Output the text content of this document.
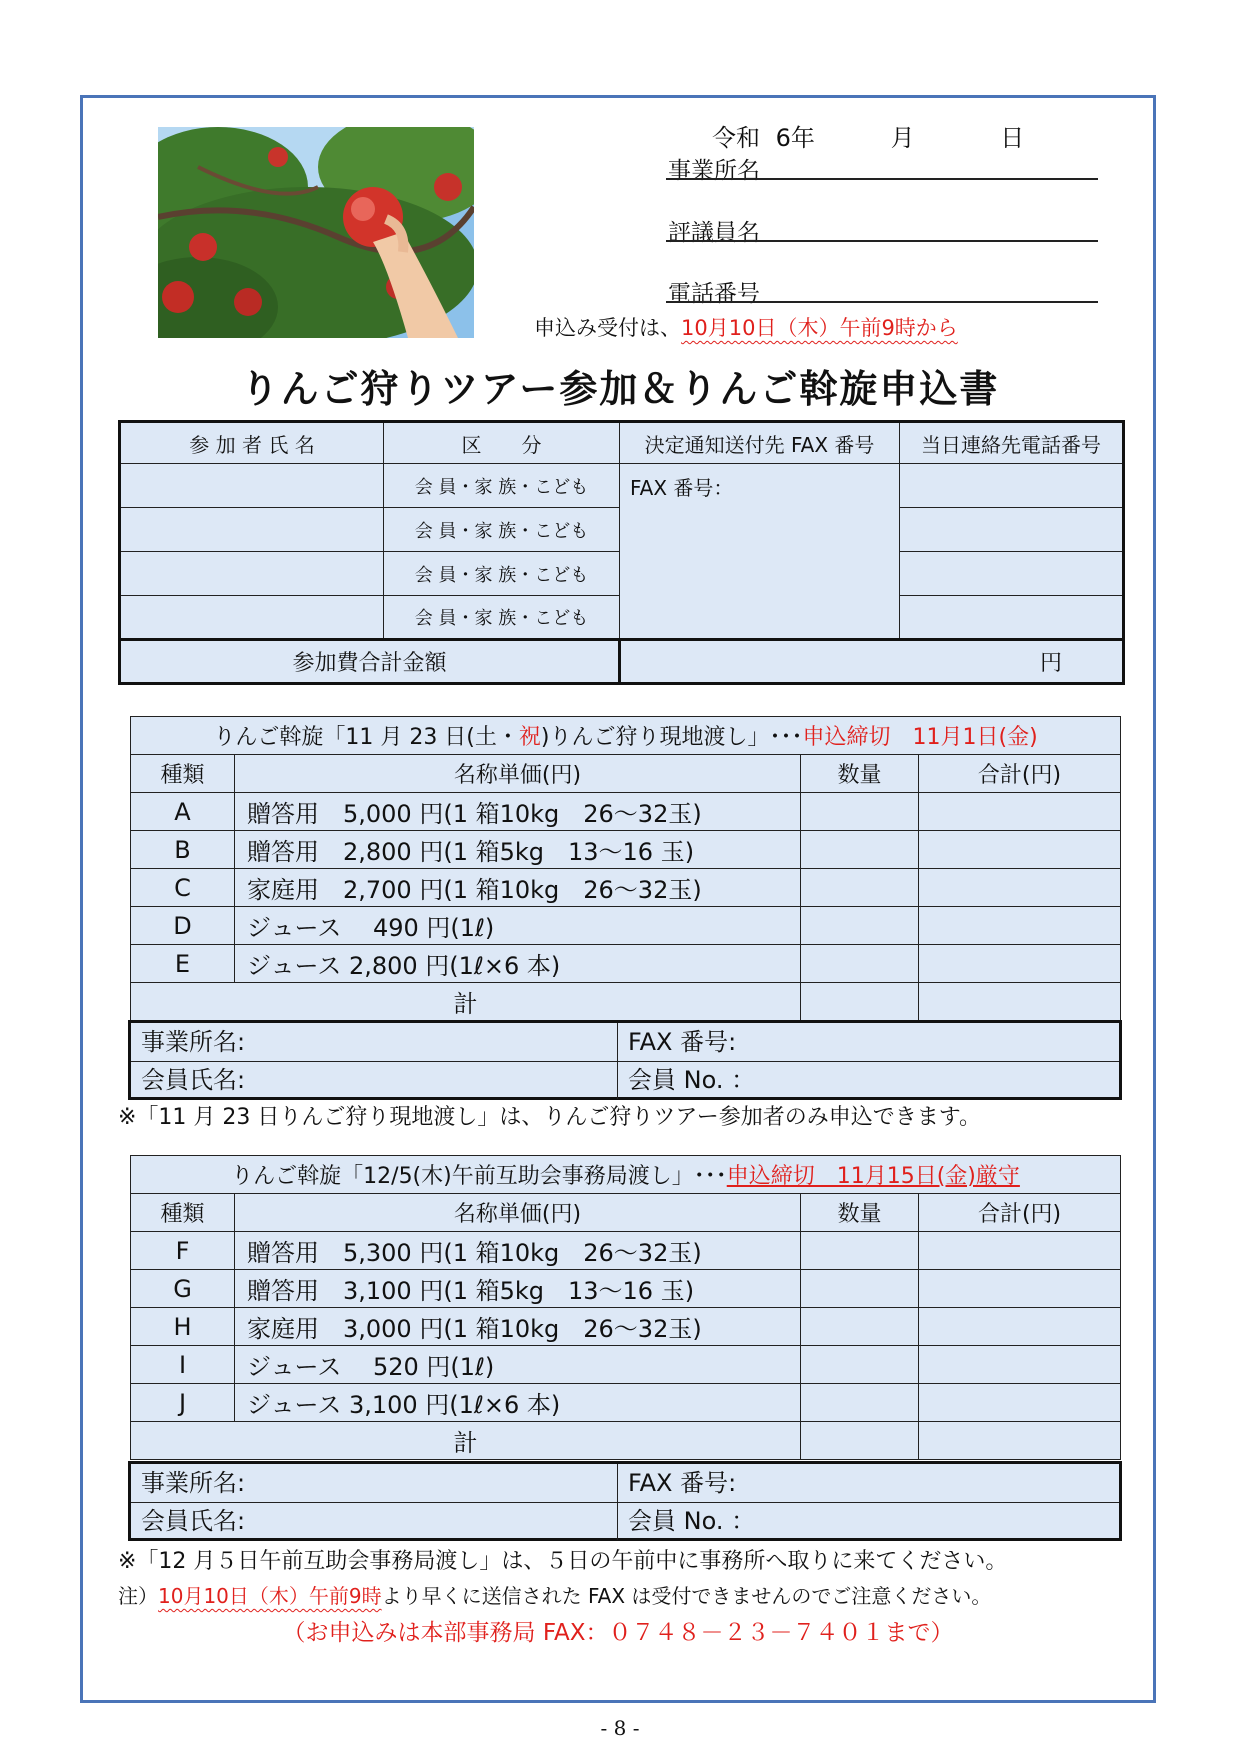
令和 6年	月	日
事業所名
評議員名
電話番号
申込み受付は、10月10日（木）午前9時から
りんご狩りツアー参加＆りんご斡旋申込書
参 加 者 氏 名	区　　分	決定通知送付先 FAX 番号	当日連絡先電話番号
	会 員・家 族・こども	FAX 番号：	
	会 員・家 族・こども		
	会 員・家 族・こども		
	会 員・家 族・こども		
参加費合計金額		円	
りんご斡旋「11 月 23 日(土・祝)りんご狩り現地渡し」･･･申込締切　11月1日(金)			
種類	名称単価(円)	数量	合計(円)
A	贈答用　5,000 円(1 箱10kg　26～32玉)		
B	贈答用　2,800 円(1 箱5kg　13～16 玉)		
C	家庭用　2,700 円(1 箱10kg　26～32玉)		
D	ジュース　 490 円(1ℓ)		
E	ジュース 2,800 円(1ℓ×6 本)		
計			
事業所名:	FAX 番号:
会員氏名:	会員 No. ：
※「11 月 23 日りんご狩り現地渡し」は、りんご狩りツアー参加者のみ申込できます。
りんご斡旋「12/5(木)午前互助会事務局渡し」･･･申込締切　11月15日(金)厳守			
種類	名称単価(円)	数量	合計(円)
F	贈答用　5,300 円(1 箱10kg　26～32玉)		
G	贈答用　3,100 円(1 箱5kg　13～16 玉)		
H	家庭用　3,000 円(1 箱10kg　26～32玉)		
I	ジュース　 520 円(1ℓ)		
J	ジュース 3,100 円(1ℓ×6 本)		
計			
事業所名:	FAX 番号:
会員氏名:	会員 No. ：
※「12 月５日午前互助会事務局渡し」は、５日の午前中に事務所へ取りに来てください。
注）10月10日（木）午前9時より早くに送信された FAX は受付できませんのでご注意ください。
（お申込みは本部事務局 FAX：０７４８－２３－７４０１まで）
- 8 -
